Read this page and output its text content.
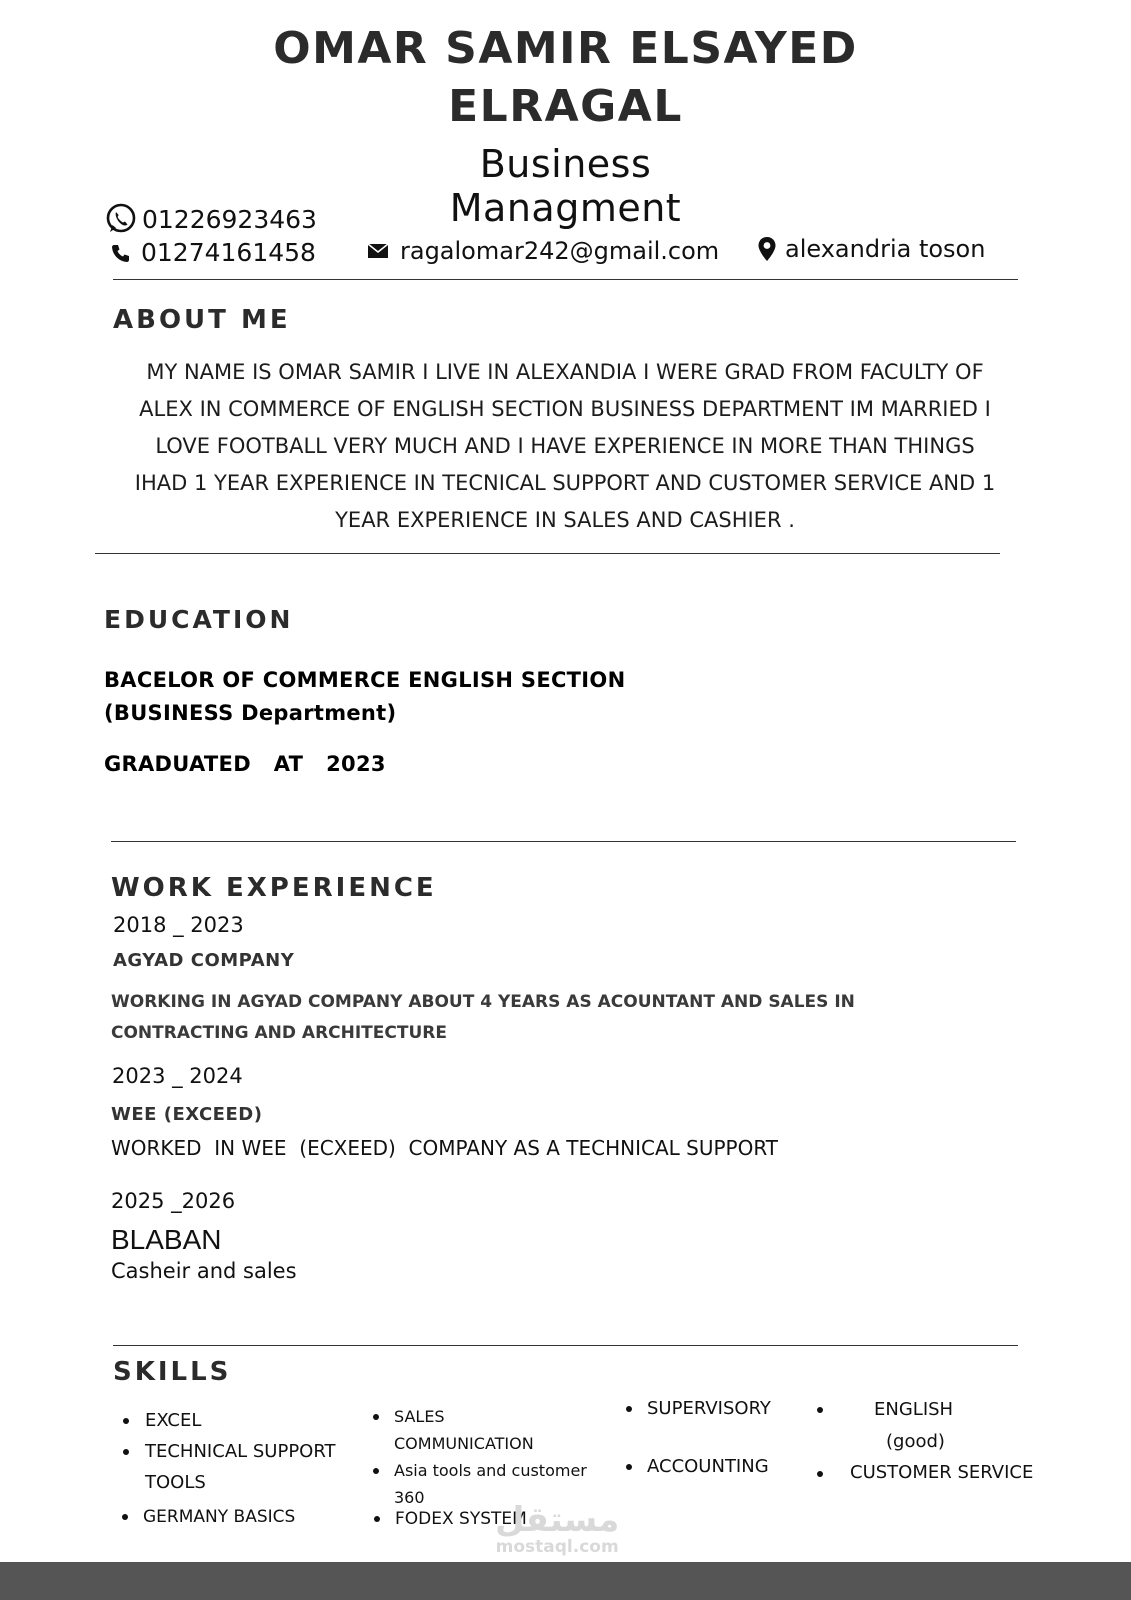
OMAR SAMIR ELSAYED
ELRAGAL
Business
Managment
01226923463
01274161458	ragalomar242@gmail.com	alexandria toson
ABOUT ME
MY NAME IS OMAR SAMIR I LIVE IN ALEXANDIA I WERE GRAD FROM FACULTY OF
ALEX IN COMMERCE OF ENGLISH SECTION BUSINESS DEPARTMENT IM MARRIED I
LOVE FOOTBALL VERY MUCH AND I HAVE EXPERIENCE IN MORE THAN THINGS
IHAD 1 YEAR EXPERIENCE IN TECNICAL SUPPORT AND CUSTOMER SERVICE AND 1
YEAR EXPERIENCE IN SALES AND CASHIER .
EDUCATION
BACELOR OF COMMERCE ENGLISH SECTION
(BUSINESS Department)
GRADUATED   AT   2023
WORK EXPERIENCE
2018 _ 2023
AGYAD COMPANY
WORKING IN AGYAD COMPANY ABOUT 4 YEARS AS ACOUNTANT AND SALES IN
CONTRACTING AND ARCHITECTURE
2023 _ 2024
WEE (EXCEED)
WORKED  IN WEE  (ECXEED)  COMPANY AS A TECHNICAL SUPPORT
2025 _2026
BLABAN
Casheir and sales
SKILLS
EXCEL
TECHNICAL SUPPORT
TOOLS
GERMANY BASICS
SALES
COMMUNICATION
Asia tools and customer
360
FODEX SYSTEM
SUPERVISORY
ACCOUNTING
ENGLISH
(good)
CUSTOMER SERVICE
مستقل
mostaql.com
